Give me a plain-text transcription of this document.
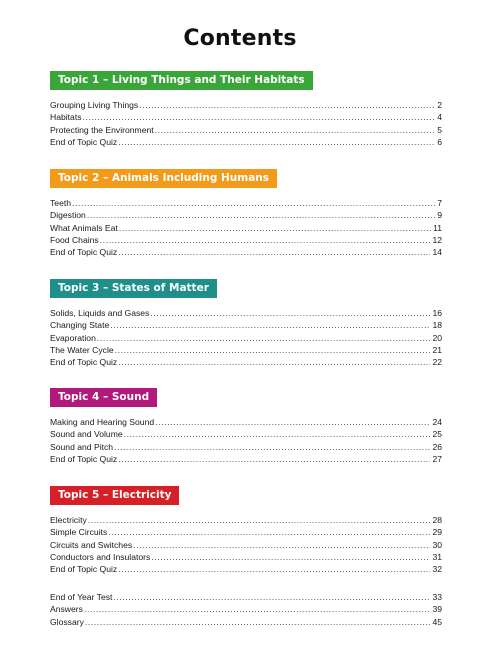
Contents
Topic 1 – Living Things and Their Habitats
Grouping Living Things .....	2
Habitats .....	4
Protecting the Environment .....	5
End of Topic Quiz .....	6
Topic 2 – Animals Including Humans
Teeth .....	7
Digestion .....	9
What Animals Eat .....	11
Food Chains .....	12
End of Topic Quiz .....	14
Topic 3 – States of Matter
Solids, Liquids and Gases .....	16
Changing State .....	18
Evaporation .....	20
The Water Cycle .....	21
End of Topic Quiz .....	22
Topic 4 – Sound
Making and Hearing Sound .....	24
Sound and Volume .....	25
Sound and Pitch .....	26
End of Topic Quiz .....	27
Topic 5 – Electricity
Electricity .....	28
Simple Circuits .....	29
Circuits and Switches .....	30
Conductors and Insulators .....	31
End of Topic Quiz .....	32
End of Year Test .....	33
Answers .....	39
Glossary .....	45
